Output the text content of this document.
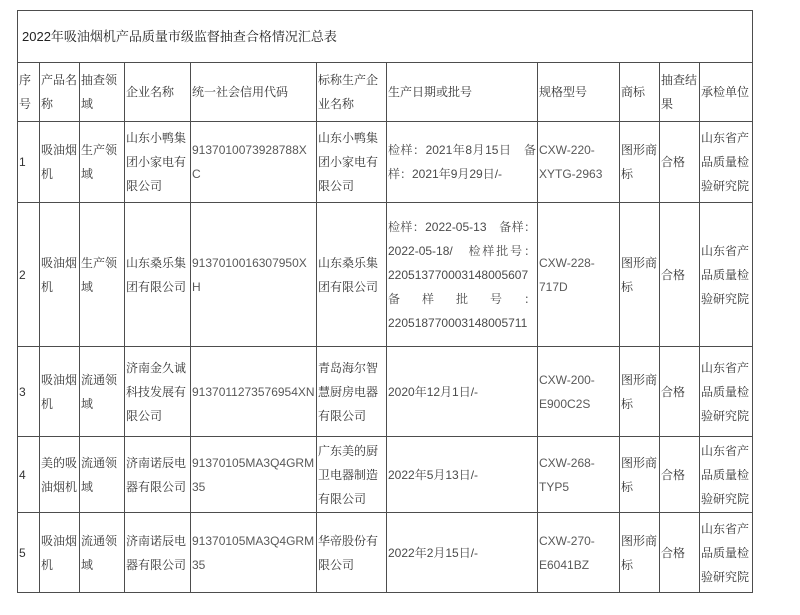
2022年吸油烟机产品质量市级监督抽查合格情况汇总表										
序号	产品名称	抽查领域	企业名称	统一社会信用代码	标称生产企业名称	生产日期或批号	规格型号	商标	抽查结果	承检单位
1	吸油烟机	生产领域	山东小鸭集团小家电有限公司	9137010073928788XC	山东小鸭集团小家电有限公司	检样：2021年8月15日　备样：2021年9月29日/-	CXW-220-XYTG-2963	图形商标	合格	山东省产品质量检验研究院
2	吸油烟机	生产领域	山东桑乐集团有限公司	9137010016307950XH	山东桑乐集团有限公司	检样：2022-05-13　备样：2022-05-18/　检样批号：220513770003148005607 备样批号：220518770003148005711	CXW-228-717D	图形商标	合格	山东省产品质量检验研究院
3	吸油烟机	流通领域	济南金久诚科技发展有限公司	9137011273576954XN	青岛海尔智慧厨房电器有限公司	2020年12月1日/-	CXW-200-E900C2S	图形商标	合格	山东省产品质量检验研究院
4	美的吸油烟机	流通领域	济南诺辰电器有限公司	91370105MA3Q4GRM35	广东美的厨卫电器制造有限公司	2022年5月13日/-	CXW-268-TYP5	图形商标	合格	山东省产品质量检验研究院
5	吸油烟机	流通领域	济南诺辰电器有限公司	91370105MA3Q4GRM35	华帝股份有限公司	2022年2月15日/-	CXW-270-E6041BZ	图形商标	合格	山东省产品质量检验研究院
